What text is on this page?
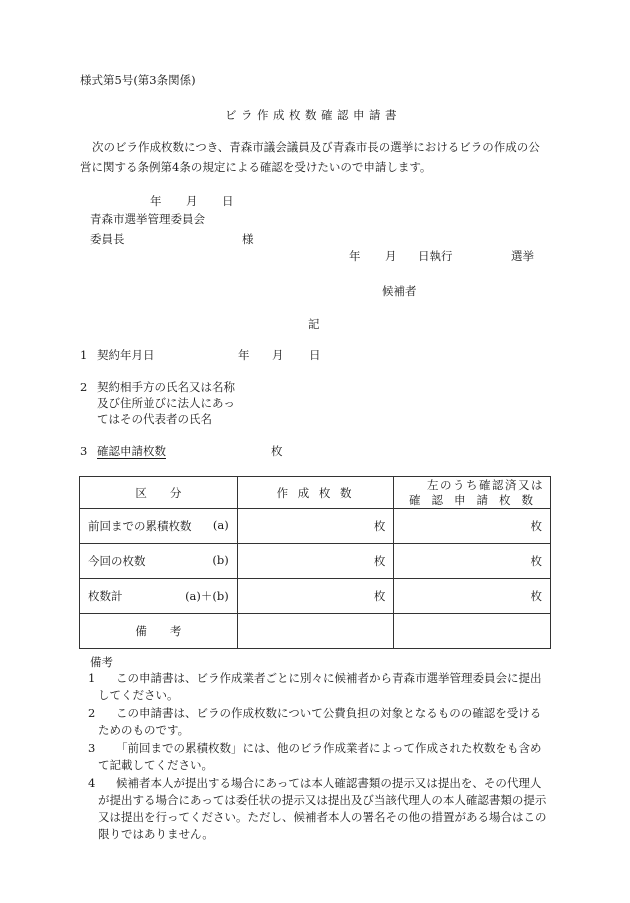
様式第5号(第3条関係)
ビラ作成枚数確認申請書
次のビラ作成枚数につき、青森市議会議員及び青森市長の選挙におけるビラの作成の公営に関する条例第4条の規定による確認を受けたいので申請します。
年 月 日
青森市選挙管理委員会
委員長	様
年 月 日執行	選挙
候補者
記
1 契約年月日	年 月 日
2 契約相手方の氏名又は名称
及び住所並びに法人にあっ
てはその代表者の氏名
3 確認申請枚数	枚
区　　分	作 成 枚 数	左のうち確認済又は
確認申請枚数

前回までの累積枚数 (a)	枚	枚

今回の枚数 (b)	枚	枚

枚数計 (a)＋(b)	枚	枚
備　　考		
備考
1	この申請書は、ビラ作成業者ごとに別々に候補者から青森市選挙管理委員会に提出してください。
2	この申請書は、ビラの作成枚数について公費負担の対象となるものの確認を受けるためのものです。
3	「前回までの累積枚数」には、他のビラ作成業者によって作成された枚数をも含めて記載してください。
4	候補者本人が提出する場合にあっては本人確認書類の提示又は提出を、その代理人が提出する場合にあっては委任状の提示又は提出及び当該代理人の本人確認書類の提示又は提出を行ってください。ただし、候補者本人の署名その他の措置がある場合はこの限りではありません。
